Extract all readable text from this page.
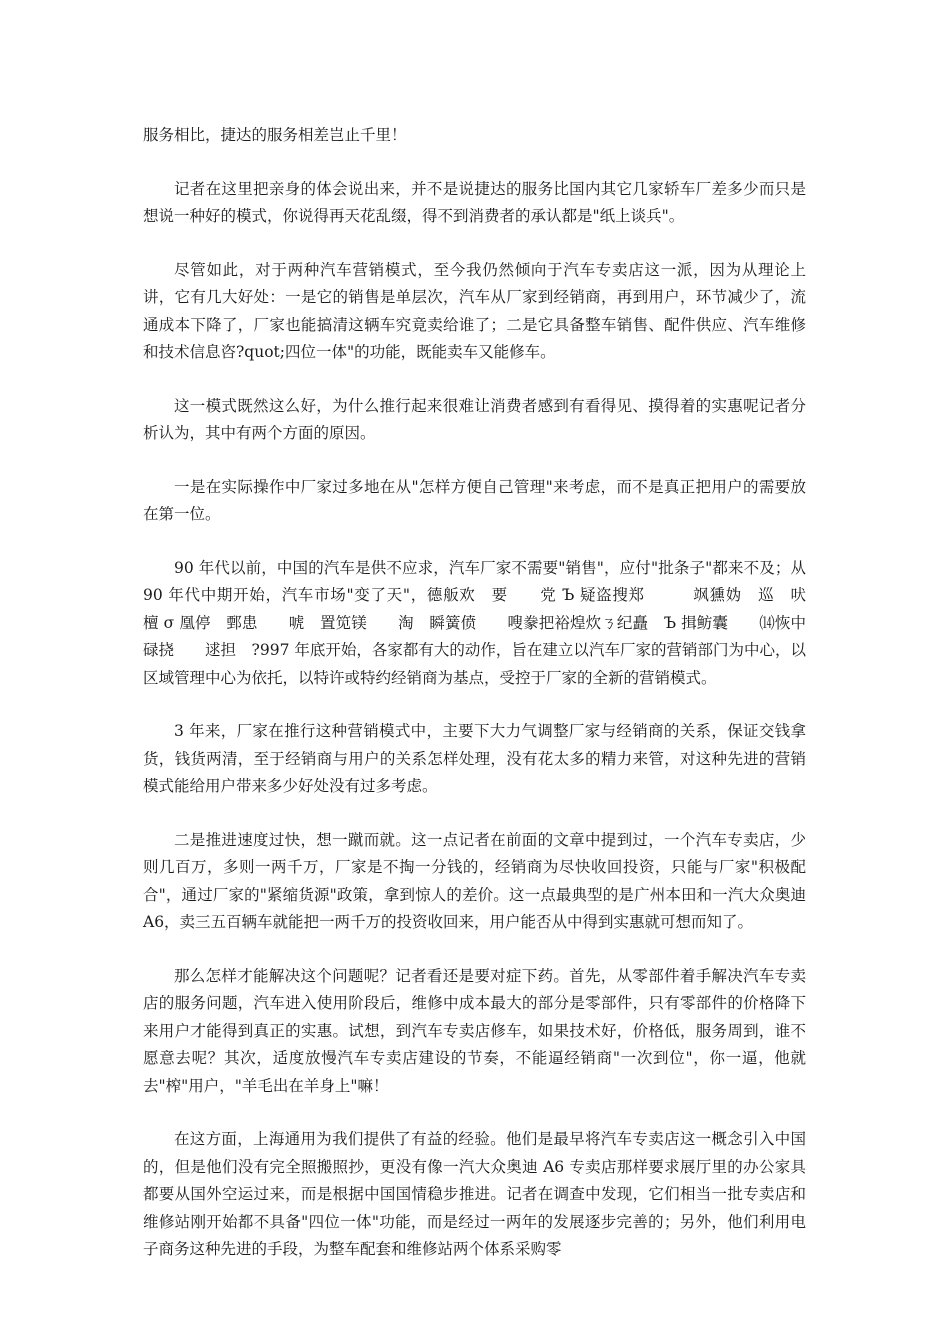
服务相比，捷达的服务相差岂止千里！

记者在这里把亲身的体会说出来，并不是说捷达的服务比国内其它几家轿车厂差多少而只是想说一种好的模式，你说得再天花乱缀，得不到消费者的承认都是"纸上谈兵"。

尽管如此，对于两种汽车营销模式，至今我仍然倾向于汽车专卖店这一派，因为从理论上讲，它有几大好处：一是它的销售是单层次，汽车从厂家到经销商，再到用户，环节减少了，流通成本下降了，厂家也能搞清这辆车究竟卖给谁了；二是它具备整车销售、配件供应、汽车维修和技术信息咨?quot;四位一体"的功能，既能卖车又能修车。

这一模式既然这么好，为什么推行起来很难让消费者感到有看得见、摸得着的实惠呢记者分析认为，其中有两个方面的原因。

一是在实际操作中厂家过多地在从"怎样方便自己管理"来考虑，而不是真正把用户的需要放在第一位。

90 年代以前，中国的汽车是供不应求，汽车厂家不需要"销售"，应付"批条子"都来不及；从 90 年代中期开始，汽车市场"变了天"，德舨欢　要　　党 Ъ 疑盗搜郑　　　飒獯妫　巡　吠　　　檀 σ 凰停　鄄患　　唬　置笕镁　　淘　瞬簧偾　　嗖豢把裕煌炊ㄋ纪矗　Ъ 揖鲂囊　　⒁恢中碌挠　　逑担　?997 年底开始，各家都有大的动作，旨在建立以汽车厂家的营销部门为中心，以区域管理中心为依托，以特许或特约经销商为基点，受控于厂家的全新的营销模式。

3 年来，厂家在推行这种营销模式中，主要下大力气调整厂家与经销商的关系，保证交钱拿货，钱货两清，至于经销商与用户的关系怎样处理，没有花太多的精力来管，对这种先进的营销模式能给用户带来多少好处没有过多考虑。

二是推进速度过快，想一蹴而就。这一点记者在前面的文章中提到过，一个汽车专卖店，少则几百万，多则一两千万，厂家是不掏一分钱的，经销商为尽快收回投资，只能与厂家"积极配合"，通过厂家的"紧缩货源"政策，拿到惊人的差价。这一点最典型的是广州本田和一汽大众奥迪 A6，卖三五百辆车就能把一两千万的投资收回来，用户能否从中得到实惠就可想而知了。

那么怎样才能解决这个问题呢？记者看还是要对症下药。首先，从零部件着手解决汽车专卖店的服务问题，汽车进入使用阶段后，维修中成本最大的部分是零部件，只有零部件的价格降下来用户才能得到真正的实惠。试想，到汽车专卖店修车，如果技术好，价格低，服务周到，谁不愿意去呢？其次，适度放慢汽车专卖店建设的节奏，不能逼经销商"一次到位"，你一逼，他就去"榨"用户，"羊毛出在羊身上"嘛！

在这方面，上海通用为我们提供了有益的经验。他们是最早将汽车专卖店这一概念引入中国的，但是他们没有完全照搬照抄，更没有像一汽大众奥迪 A6 专卖店那样要求展厅里的办公家具都要从国外空运过来，而是根据中国国情稳步推进。记者在调查中发现，它们相当一批专卖店和维修站刚开始都不具备"四位一体"功能，而是经过一两年的发展逐步完善的；另外，他们利用电子商务这种先进的手段，为整车配套和维修站两个体系采购零
